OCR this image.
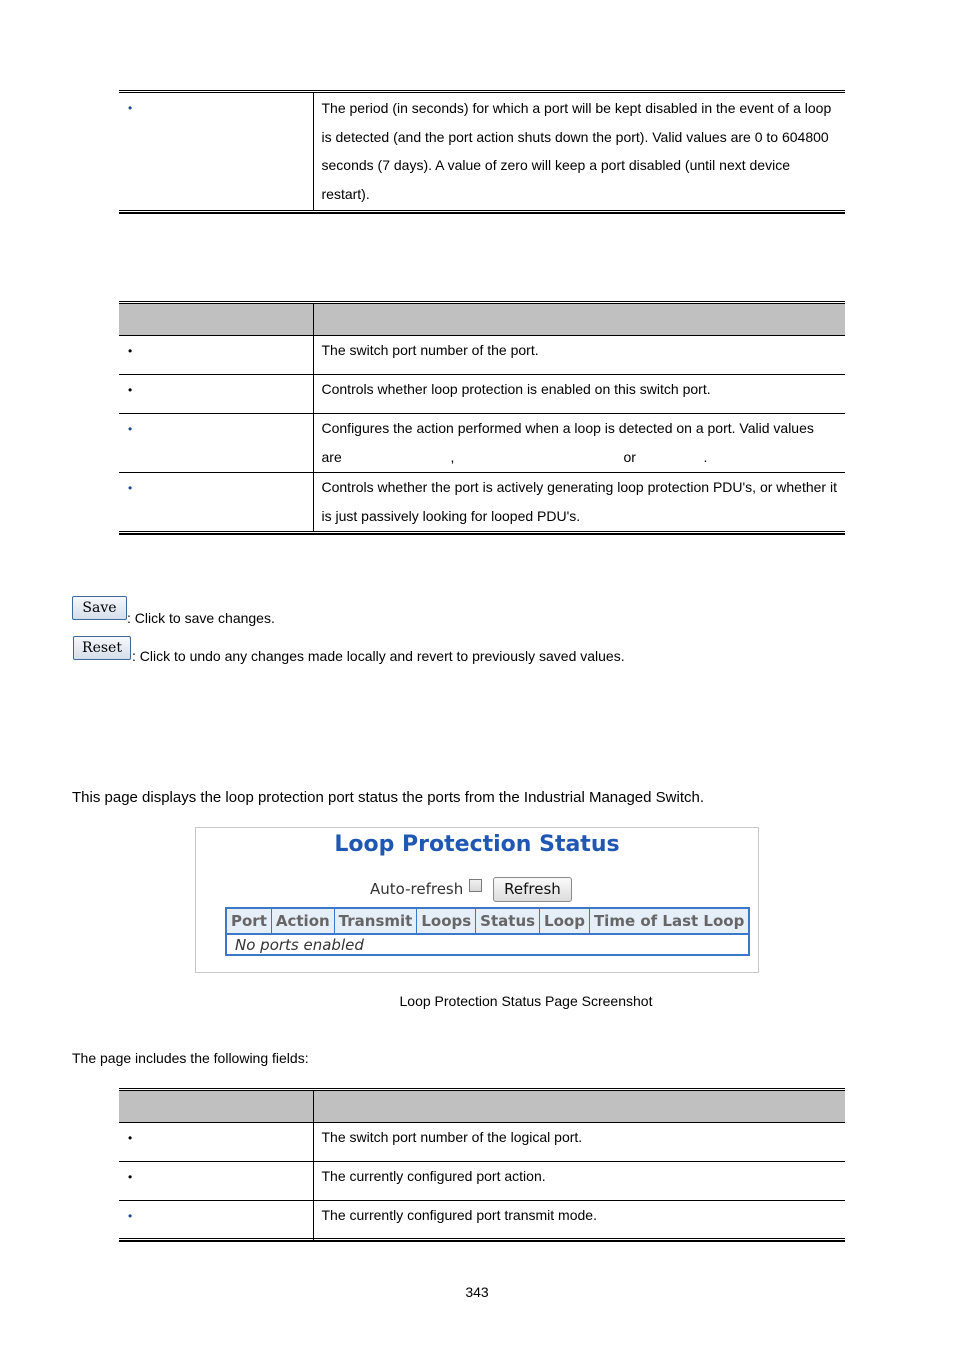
•	The period (in seconds) for which a port will be kept disabled in the event of a loop is detected (and the port action shuts down the port). Valid values are 0 to 604800 seconds (7 days). A value of zero will keep a port disabled (until next device restart).

•	The switch port number of the port.
•	Controls whether loop protection is enabled on this switch port.
•	Configures the action performed when a loop is detected on a port. Valid values
are , or .

•	Controls whether the port is actively generating loop protection PDU's, or whether it is just passively looking for looped PDU's.
Save
: Click to save changes.
Reset : Click to undo any changes made locally and revert to previously saved values.
This page displays the loop protection port status the ports from the Industrial Managed Switch.
Loop Protection Status
Auto-refresh	Refresh
Port	Action	Transmit	Loops	Status	Loop	Time of Last Loop
No ports enabled
Loop Protection Status Page Screenshot
The page includes the following fields:

•	The switch port number of the logical port.
•	The currently configured port action.
•	The currently configured port transmit mode.
343
